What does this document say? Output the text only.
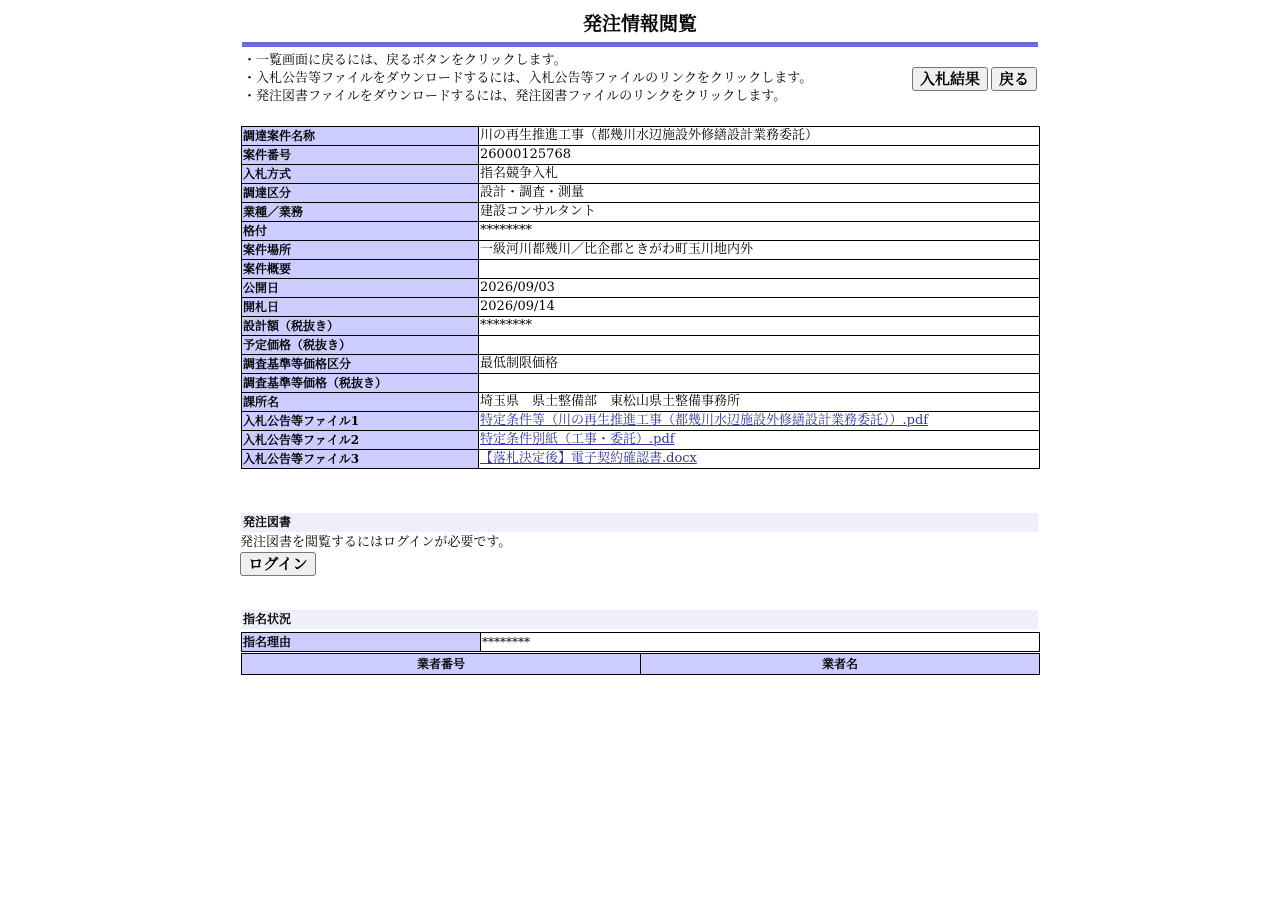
発注情報閲覧
・一覧画面に戻るには、戻るボタンをクリックします。
・入札公告等ファイルをダウンロードするには、入札公告等ファイルのリンクをクリックします。
・発注図書ファイルをダウンロードするには、発注図書ファイルのリンクをクリックします。
入札結果	戻る
調達案件名称	川の再生推進工事（都幾川水辺施設外修繕設計業務委託）
案件番号	26000125768
入札方式	指名競争入札
調達区分	設計・調査・測量
業種／業務	建設コンサルタント
格付	********
案件場所	一級河川都幾川／比企郡ときがわ町玉川地内外
案件概要	
公開日	2026/09/03
開札日	2026/09/14
設計額（税抜き）	********
予定価格（税抜き）	
調査基準等価格区分	最低制限価格
調査基準等価格（税抜き）	
課所名	埼玉県　県土整備部　東松山県土整備事務所
入札公告等ファイル1	特定条件等（川の再生推進工事（都幾川水辺施設外修繕設計業務委託））.pdf
入札公告等ファイル2	特定条件別紙（工事・委託）.pdf
入札公告等ファイル3	【落札決定後】電子契約確認書.docx
発注図書
発注図書を閲覧するにはログインが必要です。
ログイン
指名状況
指名理由	********
業者番号	業者名
